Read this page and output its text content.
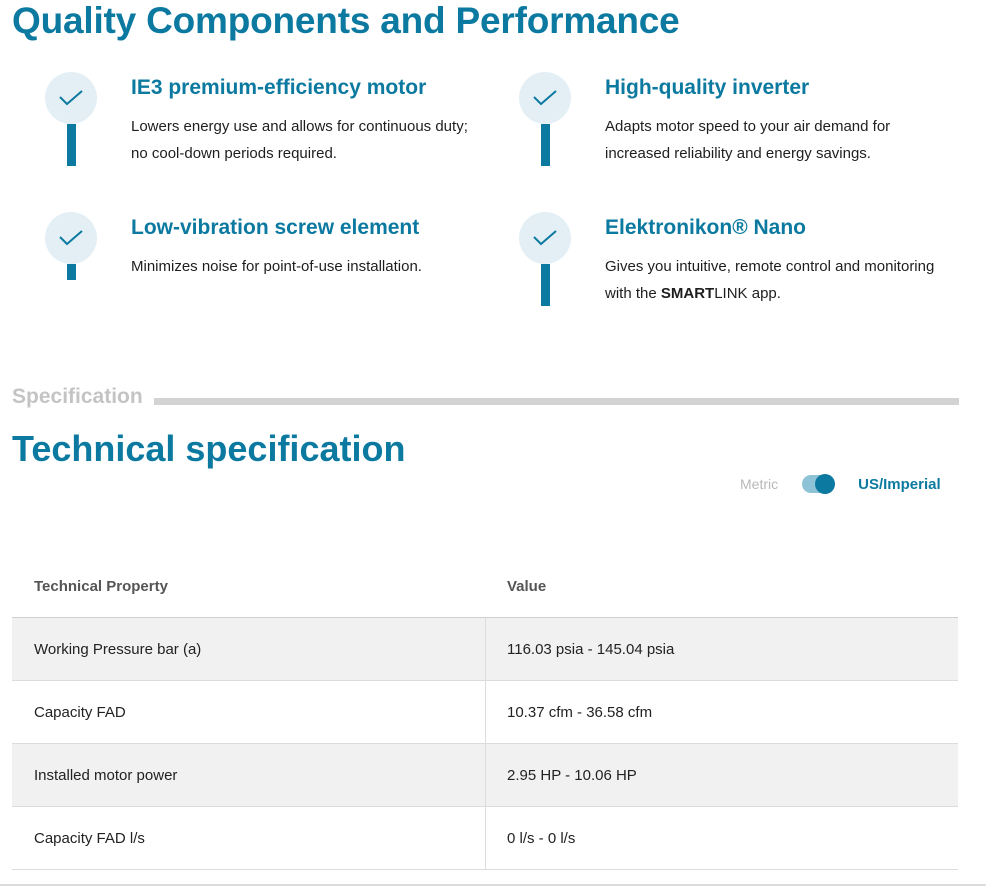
Quality Components and Performance
IE3 premium-efficiency motor
Lowers energy use and allows for continuous duty;
no cool-down periods required.
High-quality inverter
Adapts motor speed to your air demand for
increased reliability and energy savings.
Low-vibration screw element
Minimizes noise for point-of-use installation.
Elektronikon® Nano
Gives you intuitive, remote control and monitoring
with the SMARTLINK app.
Specification
Technical specification
Metric	US/Imperial
Technical Property	Value
Working Pressure bar (a)	116.03 psia - 145.04 psia
Capacity FAD	10.37 cfm - 36.58 cfm
Installed motor power	2.95 HP - 10.06 HP
Capacity FAD l/s	0 l/s - 0 l/s
